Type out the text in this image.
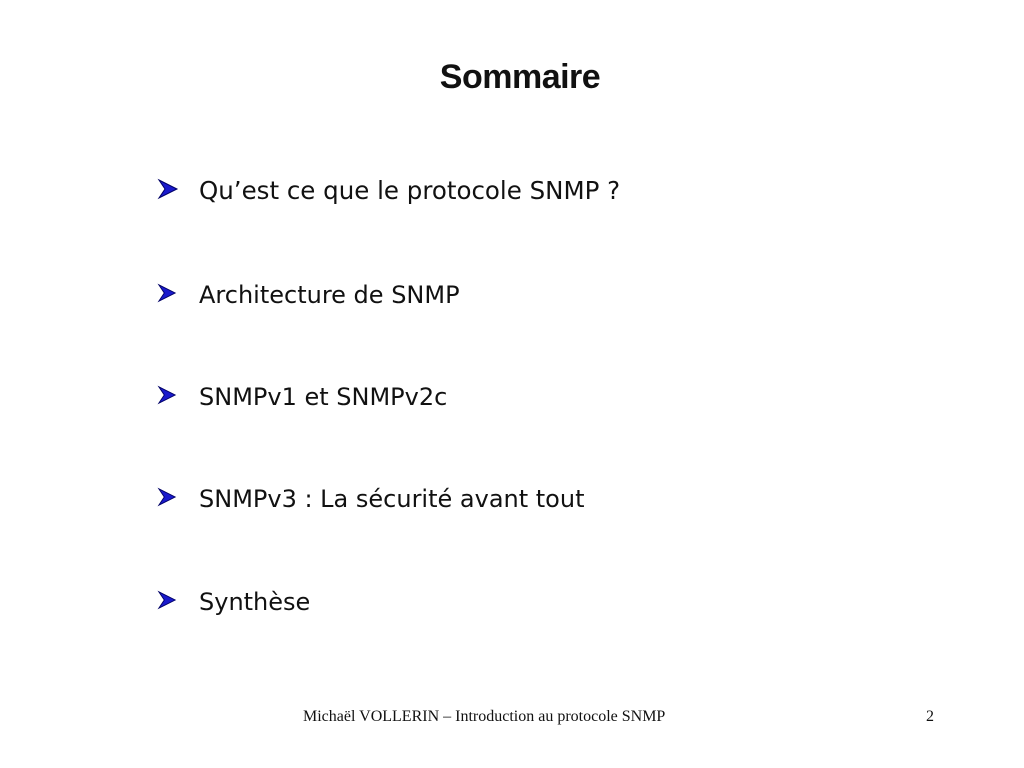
Sommaire
Qu’est ce que le protocole SNMP ?
Architecture de SNMP
SNMPv1 et SNMPv2c
SNMPv3 : La sécurité avant tout
Synthèse
Michaël VOLLERIN – Introduction au protocole SNMP	2
